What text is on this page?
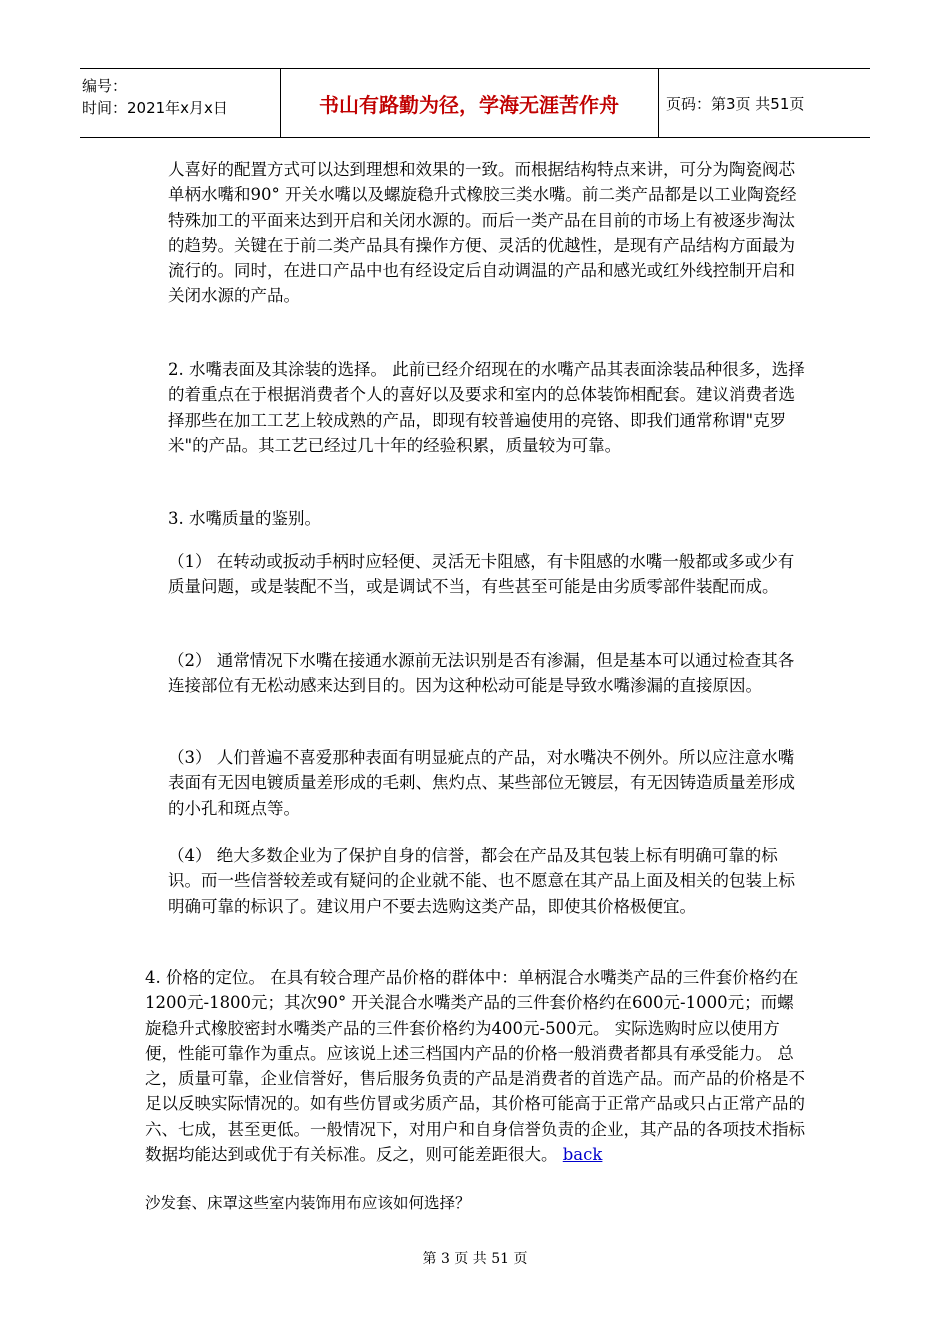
编号：
时间：2021年x月x日	书山有路勤为径，学海无涯苦作舟	页码：第3页 共51页
人喜好的配置方式可以达到理想和效果的一致。而根据结构特点来讲，可分为陶瓷阀芯单柄水嘴和90° 开关水嘴以及螺旋稳升式橡胶三类水嘴。前二类产品都是以工业陶瓷经特殊加工的平面来达到开启和关闭水源的。而后一类产品在目前的市场上有被逐步淘汰的趋势。关键在于前二类产品具有操作方便、灵活的优越性，是现有产品结构方面最为流行的。同时，在进口产品中也有经设定后自动调温的产品和感光或红外线控制开启和关闭水源的产品。
2. 水嘴表面及其涂装的选择。 此前已经介绍现在的水嘴产品其表面涂装品种很多，选择的着重点在于根据消费者个人的喜好以及要求和室内的总体装饰相配套。建议消费者选择那些在加工工艺上较成熟的产品，即现有较普遍使用的亮铬、即我们通常称谓"克罗米"的产品。其工艺已经过几十年的经验积累，质量较为可靠。
3. 水嘴质量的鉴别。
（1） 在转动或扳动手柄时应轻便、灵活无卡阻感，有卡阻感的水嘴一般都或多或少有质量问题，或是装配不当，或是调试不当，有些甚至可能是由劣质零部件装配而成。
（2） 通常情况下水嘴在接通水源前无法识别是否有渗漏，但是基本可以通过检查其各连接部位有无松动感来达到目的。因为这种松动可能是导致水嘴渗漏的直接原因。
（3） 人们普遍不喜爱那种表面有明显疵点的产品，对水嘴决不例外。所以应注意水嘴表面有无因电镀质量差形成的毛刺、焦灼点、某些部位无镀层，有无因铸造质量差形成的小孔和斑点等。
（4） 绝大多数企业为了保护自身的信誉，都会在产品及其包装上标有明确可靠的标识。而一些信誉较差或有疑问的企业就不能、也不愿意在其产品上面及相关的包装上标明确可靠的标识了。建议用户不要去选购这类产品，即使其价格极便宜。
4. 价格的定位。 在具有较合理产品价格的群体中：单柄混合水嘴类产品的三件套价格约在1200元-1800元；其次90° 开关混合水嘴类产品的三件套价格约在600元-1000元；而螺旋稳升式橡胶密封水嘴类产品的三件套价格约为400元-500元。 实际选购时应以使用方便，性能可靠作为重点。应该说上述三档国内产品的价格一般消费者都具有承受能力。 总之，质量可靠，企业信誉好，售后服务负责的产品是消费者的首选产品。而产品的价格是不足以反映实际情况的。如有些仿冒或劣质产品，其价格可能高于正常产品或只占正常产品的六、七成，甚至更低。一般情况下，对用户和自身信誉负责的企业，其产品的各项技术指标数据均能达到或优于有关标准。反之，则可能差距很大。 back
沙发套、床罩这些室内装饰用布应该如何选择？
第 3 页 共 51 页
